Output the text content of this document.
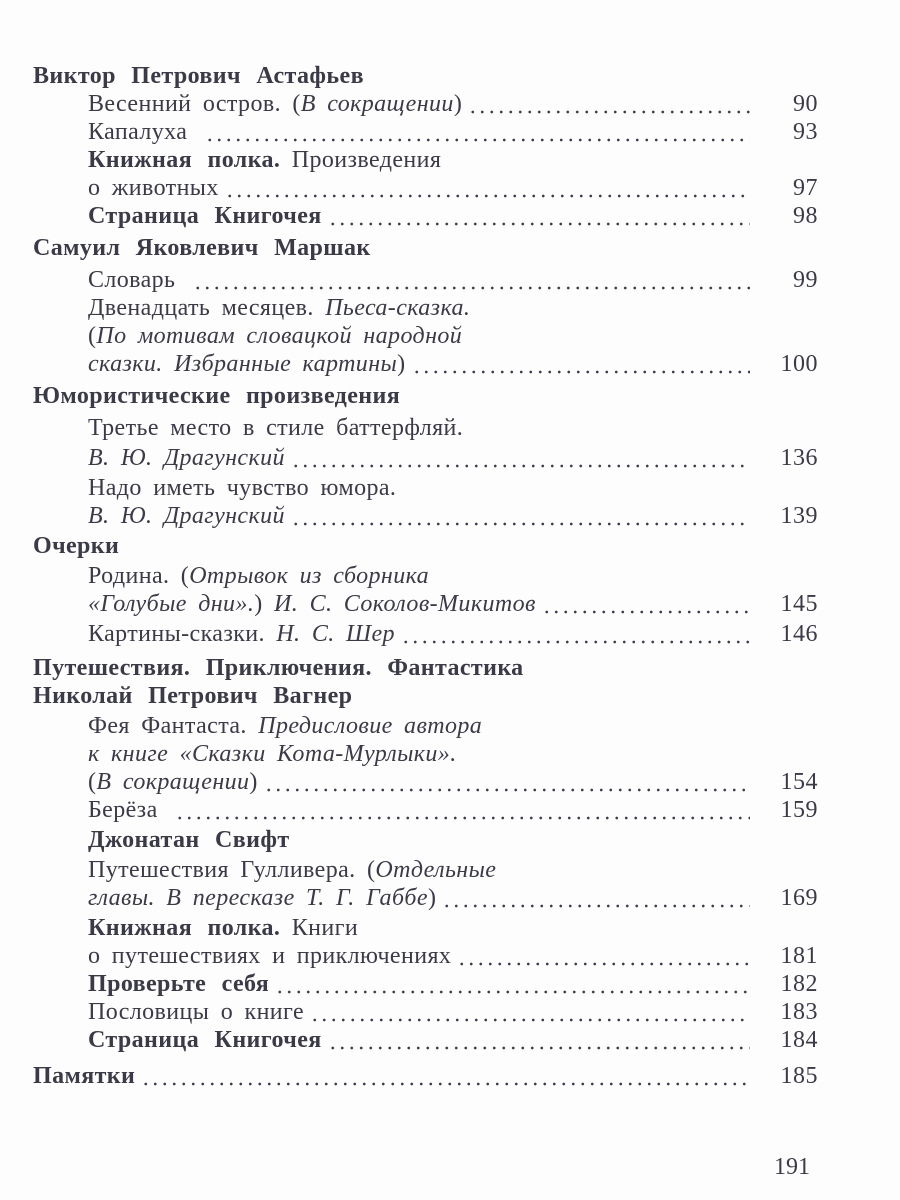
Виктор Петрович Астафьев
Весенний остров. ( В сокращении )	90
Капалуха	93
Книжная полка. Произведения
о животных	97
Страница Книгочея	98
Самуил Яковлевич Маршак
Словарь	99
Двенадцать месяцев. Пьеса-сказка.
( По мотивам словацкой народной
сказки. Избранные картины )	100
Юмористические произведения
Третье место в стиле баттерфляй.
В. Ю. Драгунский	136
Надо иметь чувство юмора.
В. Ю. Драгунский	139
Очерки
Родина. ( Отрывок из сборника
«Голубые дни». ) И. С. Соколов-Микитов	145
Картины-сказки. Н. С. Шер	146
Путешествия. Приключения. Фантастика
Николай Петрович Вагнер
Фея Фантаста. Предисловие автора
к книге «Сказки Кота-Мурлыки».
( В сокращении )	154
Берёза	159
Джонатан Свифт
Путешествия Гулливера. ( Отдельные
главы. В пересказе Т. Г. Габбе )	169
Книжная полка. Книги
о путешествиях и приключениях	181
Проверьте себя	182
Пословицы о книге	183
Страница Книгочея	184
Памятки	185
191
